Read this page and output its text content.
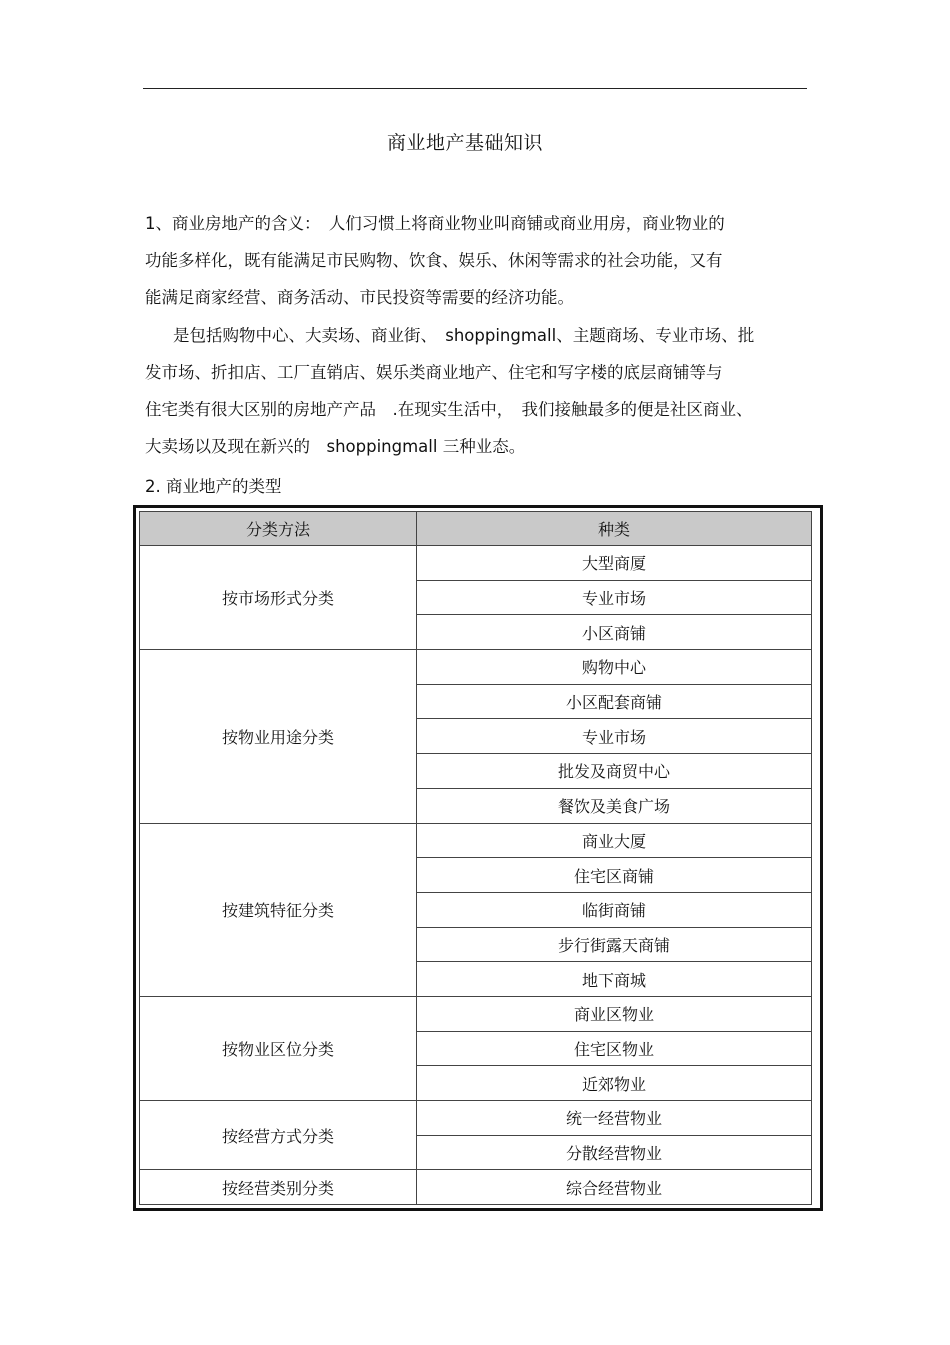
商业地产基础知识
1、商业房地产的含义：　人们习惯上将商业物业叫商铺或商业用房，商业物业的
功能多样化，既有能满足市民购物、饮食、娱乐、休闲等需求的社会功能，又有
能满足商家经营、商务活动、市民投资等需要的经济功能。
是包括购物中心、大卖场、商业街、　shoppingmall、主题商场、专业市场、批
发市场、折扣店、工厂直销店、娱乐类商业地产、住宅和写字楼的底层商铺等与
住宅类有很大区别的房地产产品　.在现实生活中，　我们接触最多的便是社区商业、
大卖场以及现在新兴的　shoppingmall 三种业态。
2. 商业地产的类型
分类方法	种类
按市场形式分类	大型商厦
	专业市场
	小区商铺
按物业用途分类	购物中心
	小区配套商铺
	专业市场
	批发及商贸中心
	餐饮及美食广场
按建筑特征分类	商业大厦
	住宅区商铺
	临街商铺
	步行街露天商铺
	地下商城
按物业区位分类	商业区物业
	住宅区物业
	近郊物业
按经营方式分类	统一经营物业
	分散经营物业
按经营类别分类	综合经营物业
